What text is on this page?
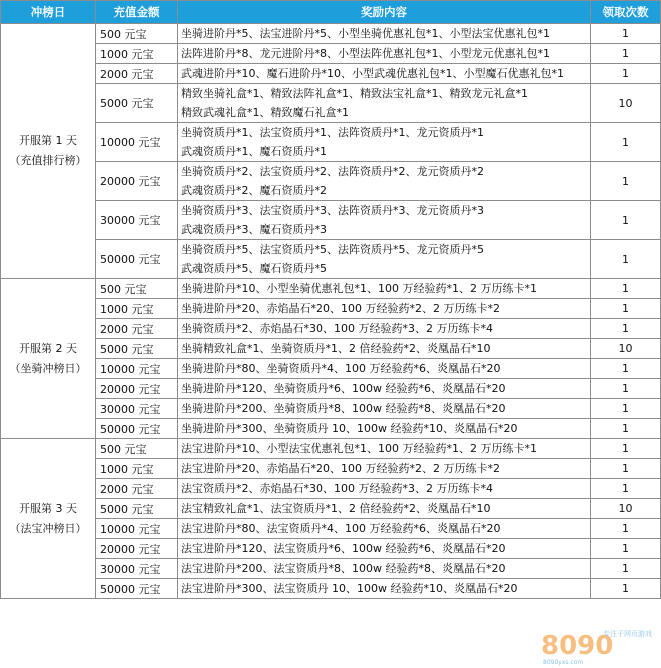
冲榜日	充值金额	奖励内容	领取次数

开服第 1 天
（充值排行榜）	500 元宝	坐骑进阶丹*5、法宝进阶丹*5、小型坐骑优惠礼包*1、小型法宝优惠礼包*1	1
	1000 元宝	法阵进阶丹*8、龙元进阶丹*8、小型法阵优惠礼包*1、小型龙元优惠礼包*1	1
	2000 元宝	武魂进阶丹*10、魔石进阶丹*10、小型武魂优惠礼包*1、小型魔石优惠礼包*1	1
	5000 元宝	精致坐骑礼盒*1、精致法阵礼盒*1、精致法宝礼盒*1、精致龙元礼盒*1
精致武魂礼盒*1、精致魔石礼盒*1	10
	10000 元宝	坐骑资质丹*1、法宝资质丹*1、法阵资质丹*1、龙元资质丹*1
武魂资质丹*1、魔石资质丹*1	1
	20000 元宝	坐骑资质丹*2、法宝资质丹*2、法阵资质丹*2、龙元资质丹*2
武魂资质丹*2、魔石资质丹*2	1
	30000 元宝	坐骑资质丹*3、法宝资质丹*3、法阵资质丹*3、龙元资质丹*3
武魂资质丹*3、魔石资质丹*3	1
	50000 元宝	坐骑资质丹*5、法宝资质丹*5、法阵资质丹*5、龙元资质丹*5
武魂资质丹*5、魔石资质丹*5	1

开服第 2 天
（坐骑冲榜日）	500 元宝	坐骑进阶丹*10、小型坐骑优惠礼包*1、100 万经验药*1、2 万历练卡*1	1
	1000 元宝	坐骑进阶丹*20、赤焰晶石*20、100 万经验药*2、2 万历练卡*2	1
	2000 元宝	坐骑资质丹*2、赤焰晶石*30、100 万经验药*3、2 万历练卡*4	1
	5000 元宝	坐骑精致礼盒*1、坐骑资质丹*1、2 倍经验药*2、炎凰晶石*10	10
	10000 元宝	坐骑进阶丹*80、坐骑资质丹*4、100 万经验药*6、炎凰晶石*20	1
	20000 元宝	坐骑进阶丹*120、坐骑资质丹*6、100w 经验药*6、炎凰晶石*20	1
	30000 元宝	坐骑进阶丹*200、坐骑资质丹*8、100w 经验药*8、炎凰晶石*20	1
	50000 元宝	坐骑进阶丹*300、坐骑资质丹 10、100w 经验药*10、炎凰晶石*20	1

开服第 3 天
（法宝冲榜日）	500 元宝	法宝进阶丹*10、小型法宝优惠礼包*1、100 万经验药*1、2 万历练卡*1	1
	1000 元宝	法宝进阶丹*20、赤焰晶石*20、100 万经验药*2、2 万历练卡*2	1
	2000 元宝	法宝资质丹*2、赤焰晶石*30、100 万经验药*3、2 万历练卡*4	1
	5000 元宝	法宝精致礼盒*1、法宝资质丹*1、2 倍经验药*2、炎凰晶石*10	10
	10000 元宝	法宝进阶丹*80、法宝资质丹*4、100 万经验药*6、炎凰晶石*20	1
	20000 元宝	法宝进阶丹*120、法宝资质丹*6、100w 经验药*6、炎凰晶石*20	1
	30000 元宝	法宝进阶丹*200、法宝资质丹*8、100w 经验药*8、炎凰晶石*20	1
	50000 元宝	法宝进阶丹*300、法宝资质丹 10、100w 经验药*10、炎凰晶石*20	1
8090
专注于网页游戏
8090yxs.com
